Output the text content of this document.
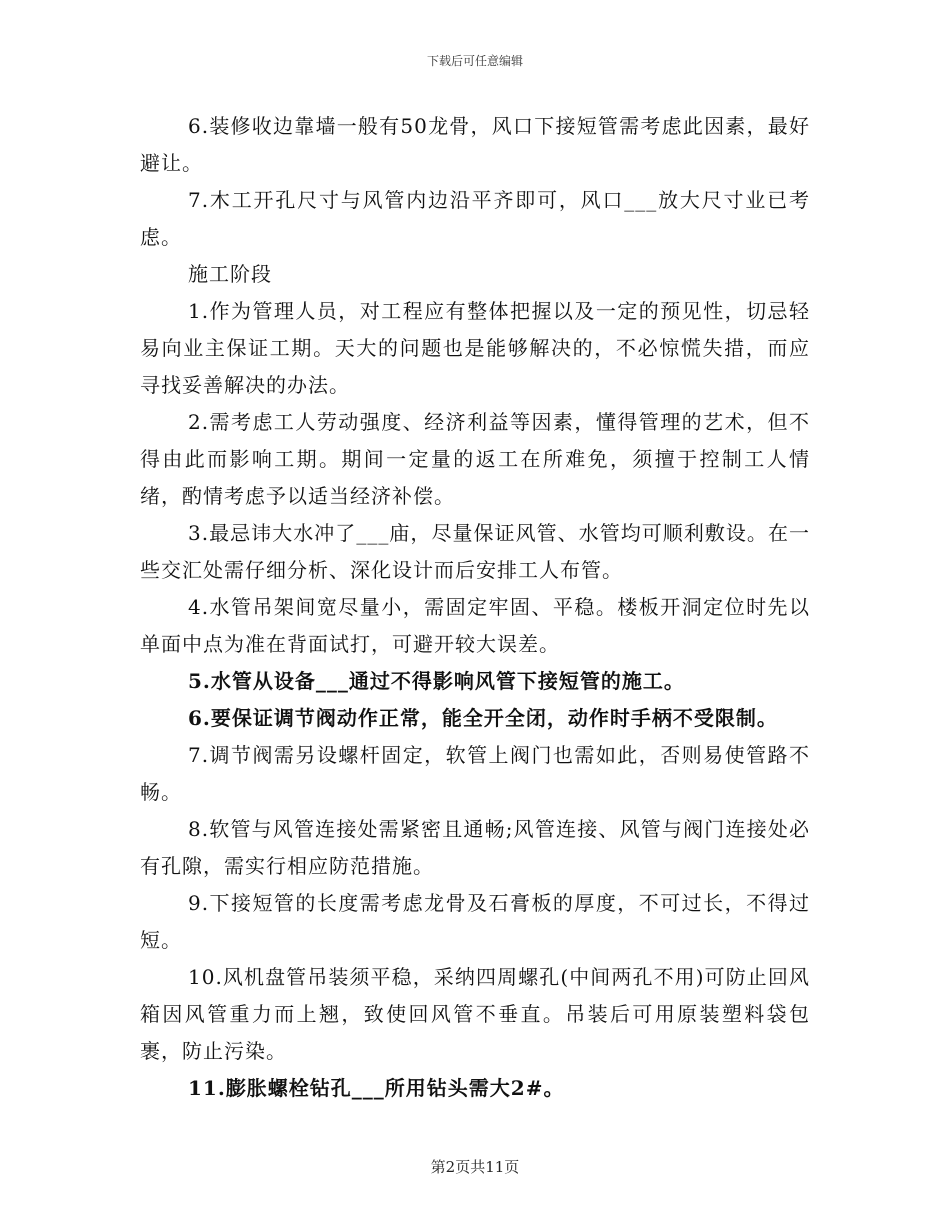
下载后可任意编辑

6.装修收边靠墙一般有50龙骨，风口下接短管需考虑此因素，最好避让。

7.木工开孔尺寸与风管内边沿平齐即可，风口___放大尺寸业已考虑。

施工阶段

1.作为管理人员，对工程应有整体把握以及一定的预见性，切忌轻易向业主保证工期。天大的问题也是能够解决的，不必惊慌失措，而应寻找妥善解决的办法。

2.需考虑工人劳动强度、经济利益等因素，懂得管理的艺术，但不得由此而影响工期。期间一定量的返工在所难免，须擅于控制工人情绪，酌情考虑予以适当经济补偿。

3.最忌讳大水冲了___庙，尽量保证风管、水管均可顺利敷设。在一些交汇处需仔细分析、深化设计而后安排工人布管。

4.水管吊架间宽尽量小，需固定牢固、平稳。楼板开洞定位时先以单面中点为准在背面试打，可避开较大误差。

5.水管从设备___通过不得影响风管下接短管的施工。

6.要保证调节阀动作正常，能全开全闭，动作时手柄不受限制。

7.调节阀需另设螺杆固定，软管上阀门也需如此，否则易使管路不畅。

8.软管与风管连接处需紧密且通畅;风管连接、风管与阀门连接处必有孔隙，需实行相应防范措施。

9.下接短管的长度需考虑龙骨及石膏板的厚度，不可过长，不得过短。

10.风机盘管吊装须平稳，采纳四周螺孔(中间两孔不用)可防止回风箱因风管重力而上翘，致使回风管不垂直。吊装后可用原装塑料袋包裹，防止污染。

11.膨胀螺栓钻孔___所用钻头需大2#。

第2页共11页
